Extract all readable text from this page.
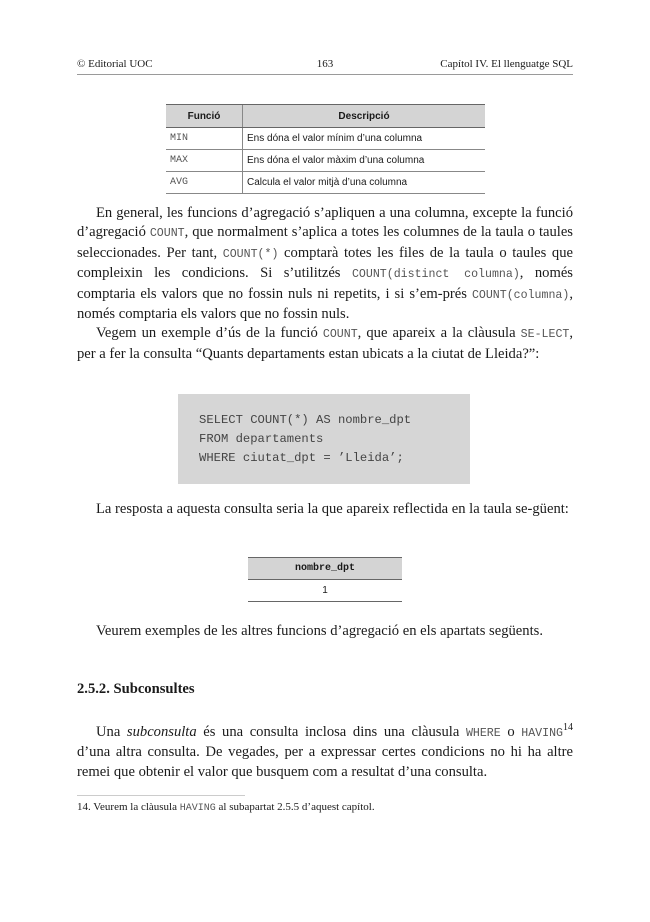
© Editorial UOC	163	Capítol IV. El llenguatge SQL
Funció	Descripció
MIN	Ens dóna el valor mínim d’una columna
MAX	Ens dóna el valor màxim d’una columna
AVG	Calcula el valor mitjà d’una columna

En general, les funcions d’agregació s’apliquen a una columna, excepte la funció d’agregació COUNT, que normalment s’aplica a totes les columnes de la taula o taules seleccionades. Per tant, COUNT(*) comptarà totes les files de la taula o taules que compleixin les condicions. Si s’utilitzés COUNT(distinct columna), només comptaria els valors que no fossin nuls ni repetits, i si s’em-prés COUNT(columna), només comptaria els valors que no fossin nuls.

Vegem un exemple d’ús de la funció COUNT, que apareix a la clàusula SE-LECT, per a fer la consulta “Quants departaments estan ubicats a la ciutat de Lleida?”:

SELECT COUNT(*) AS nombre_dpt
FROM departaments
WHERE ciutat_dpt = ’Lleida’;

La resposta a aquesta consulta seria la que apareix reflectida en la taula se-güent:

nombre_dpt
1

Veurem exemples de les altres funcions d’agregació en els apartats següents.

2.5.2. Subconsultes

Una subconsulta és una consulta inclosa dins una clàusula WHERE o HAVING$^{14}$ d’una altra consulta. De vegades, per a expressar certes condicions no hi ha altre remei que obtenir el valor que busquem com a resultat d’una consulta.

14. Veurem la clàusula HAVING al subapartat 2.5.5 d’aquest capítol.
